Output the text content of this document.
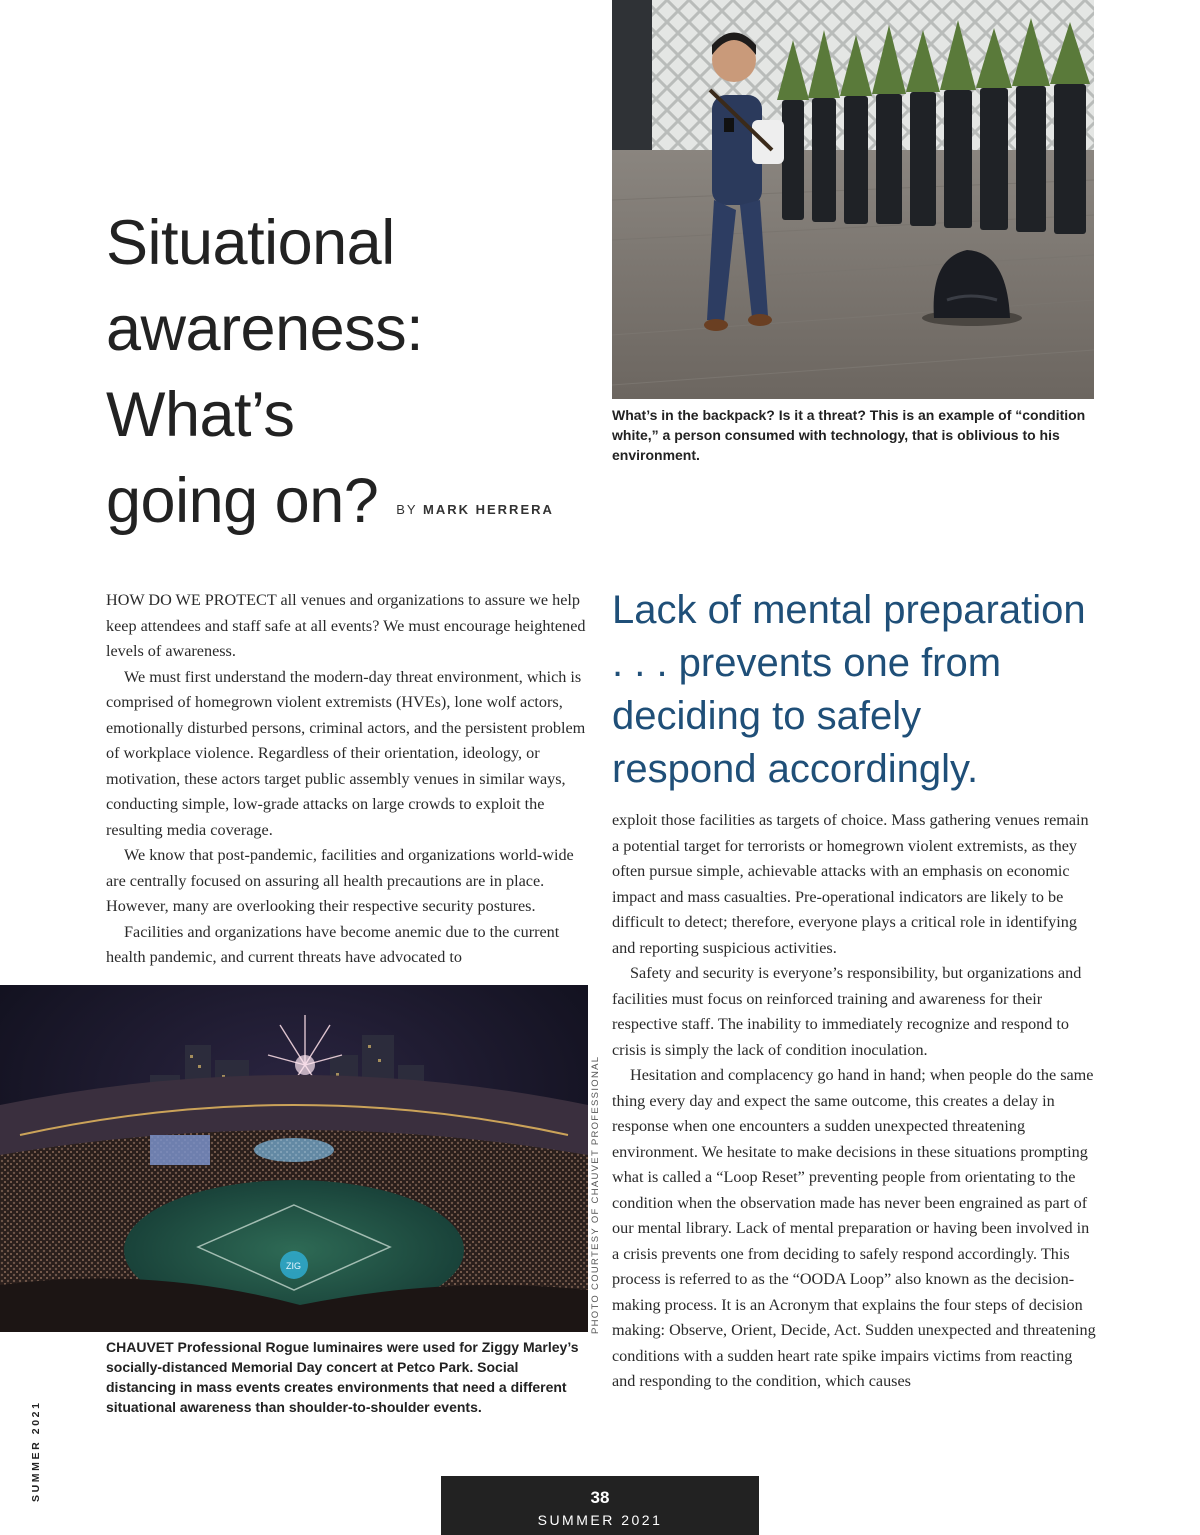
Situational
awareness:
What’s
going on? BY MARK HERRERA

What’s in the backpack? Is it a threat? This is an example of “condition white,” a person consumed with technology, that is oblivious to his environment.

HOW DO WE PROTECT all venues and organizations to assure we help keep attendees and staff safe at all events? We must encourage heightened levels of awareness.

We must first understand the modern-day threat environment, which is comprised of homegrown violent extremists (HVEs), lone wolf actors, emotionally disturbed persons, criminal actors, and the persistent problem of workplace violence. Regardless of their orientation, ideology, or motivation, these actors target public assembly venues in similar ways, conducting simple, low-grade attacks on large crowds to exploit the resulting media coverage.

We know that post-pandemic, facilities and organizations world-wide are centrally focused on assuring all health precautions are in place. However, many are overlooking their respective security postures.

Facilities and organizations have become anemic due to the current health pandemic, and current threats have advocated to

Lack of mental preparation
. . . prevents one from
deciding to safely
respond accordingly.

exploit those facilities as targets of choice. Mass gathering venues remain a potential target for terrorists or homegrown violent extremists, as they often pursue simple, achievable attacks with an emphasis on economic impact and mass casualties. Pre-operational indicators are likely to be difficult to detect; therefore, everyone plays a critical role in identifying and reporting suspicious activities.

Safety and security is everyone’s responsibility, but organizations and facilities must focus on reinforced training and awareness for their respective staff. The inability to immediately recognize and respond to crisis is simply the lack of condition inoculation.

Hesitation and complacency go hand in hand; when people do the same thing every day and expect the same outcome, this creates a delay in response when one encounters a sudden unexpected threatening environment. We hesitate to make decisions in these situations prompting what is called a “Loop Reset” preventing people from orientating to the condition when the observation made has never been engrained as part of our mental library. Lack of mental preparation or having been involved in a crisis prevents one from deciding to safely respond accordingly. This process is referred to as the “OODA Loop” also known as the decision-making process. It is an Acronym that explains the four steps of decision making: Observe, Orient, Decide, Act. Sudden unexpected and threatening conditions with a sudden heart rate spike impairs victims from reacting and responding to the condition, which causes

ZIG	PHOTO COURTESY OF CHAUVET PROFESSIONAL

CHAUVET Professional Rogue luminaires were used for Ziggy Marley’s socially-distanced Memorial Day concert at Petco Park. Social distancing in mass events creates environments that need a different situational awareness than shoulder-to-shoulder events.

SUMMER 2021	38
SUMMER 2021
